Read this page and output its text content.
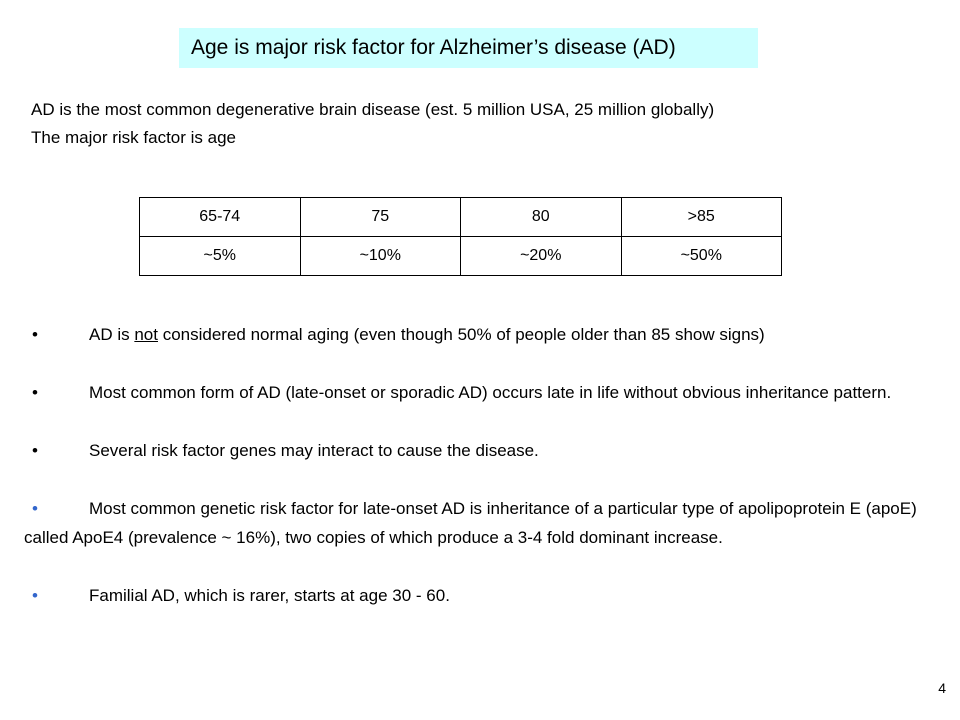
Age is major risk factor for Alzheimer’s disease (AD)
AD is the most common degenerative brain disease (est. 5 million USA, 25 million globally)
The major risk factor is age
65-74	75	80	>85
~5%	~10%	~20%	~50%
•	AD is not considered normal aging (even though 50% of people older than 85 show signs)
•	Most common form of AD (late-onset or sporadic AD) occurs late in life without obvious inheritance pattern.
•	Several risk factor genes may interact to cause the disease.
•	Most common genetic risk factor for late-onset AD is inheritance of a particular type of apolipoprotein E (apoE) called ApoE4 (prevalence ~ 16%), two copies of which produce a 3-4 fold dominant increase.
•	Familial AD, which is rarer, starts at age 30 - 60.
4
